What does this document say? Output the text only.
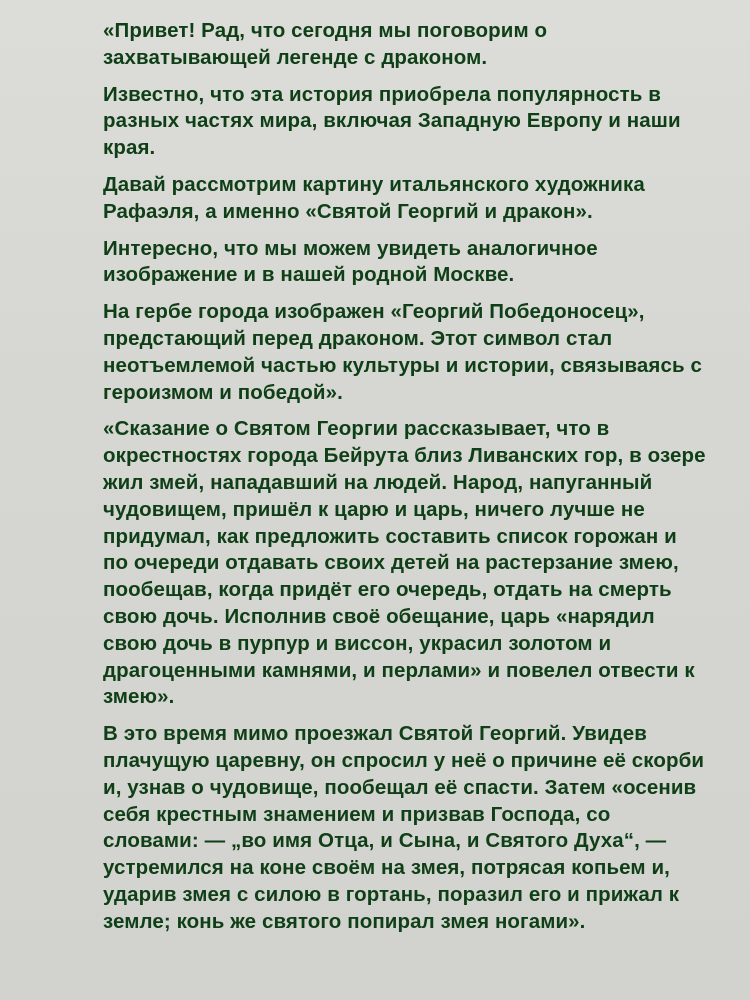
«Привет! Рад, что сегодня мы поговорим о
захватывающей легенде с драконом.

Известно, что эта история приобрела популярность в
разных частях мира, включая Западную Европу и наши
края.

Давай рассмотрим картину итальянского художника
Рафаэля, а именно «Святой Георгий и дракон».

Интересно, что мы можем увидеть аналогичное
изображение и в нашей родной Москве.

На гербе города изображен «Георгий Победоносец»,
предстающий перед драконом. Этот символ стал
неотъемлемой частью культуры и истории, связываясь с
героизмом и победой».

«Сказание о Святом Георгии рассказывает, что в
окрестностях города Бейрута близ Ливанских гор, в озере
жил змей, нападавший на людей. Народ, напуганный
чудовищем, пришёл к царю и царь, ничего лучше не
придумал, как предложить составить список горожан и
по очереди отдавать своих детей на растерзание змею,
пообещав, когда придёт его очередь, отдать на смерть
свою дочь. Исполнив своё обещание, царь «нарядил
свою дочь в пурпур и виссон, украсил золотом и
драгоценными камнями, и перлами» и повелел отвести к
змею».

В это время мимо проезжал Святой Георгий. Увидев
плачущую царевну, он спросил у неё о причине её скорби
и, узнав о чудовище, пообещал её спасти. Затем «осенив
себя крестным знамением и призвав Господа, со
словами: — „во имя Отца, и Сына, и Святого Духа“, —
устремился на коне своём на змея, потрясая копьем и,
ударив змея с силою в гортань, поразил его и прижал к
земле; конь же святого попирал змея ногами».
